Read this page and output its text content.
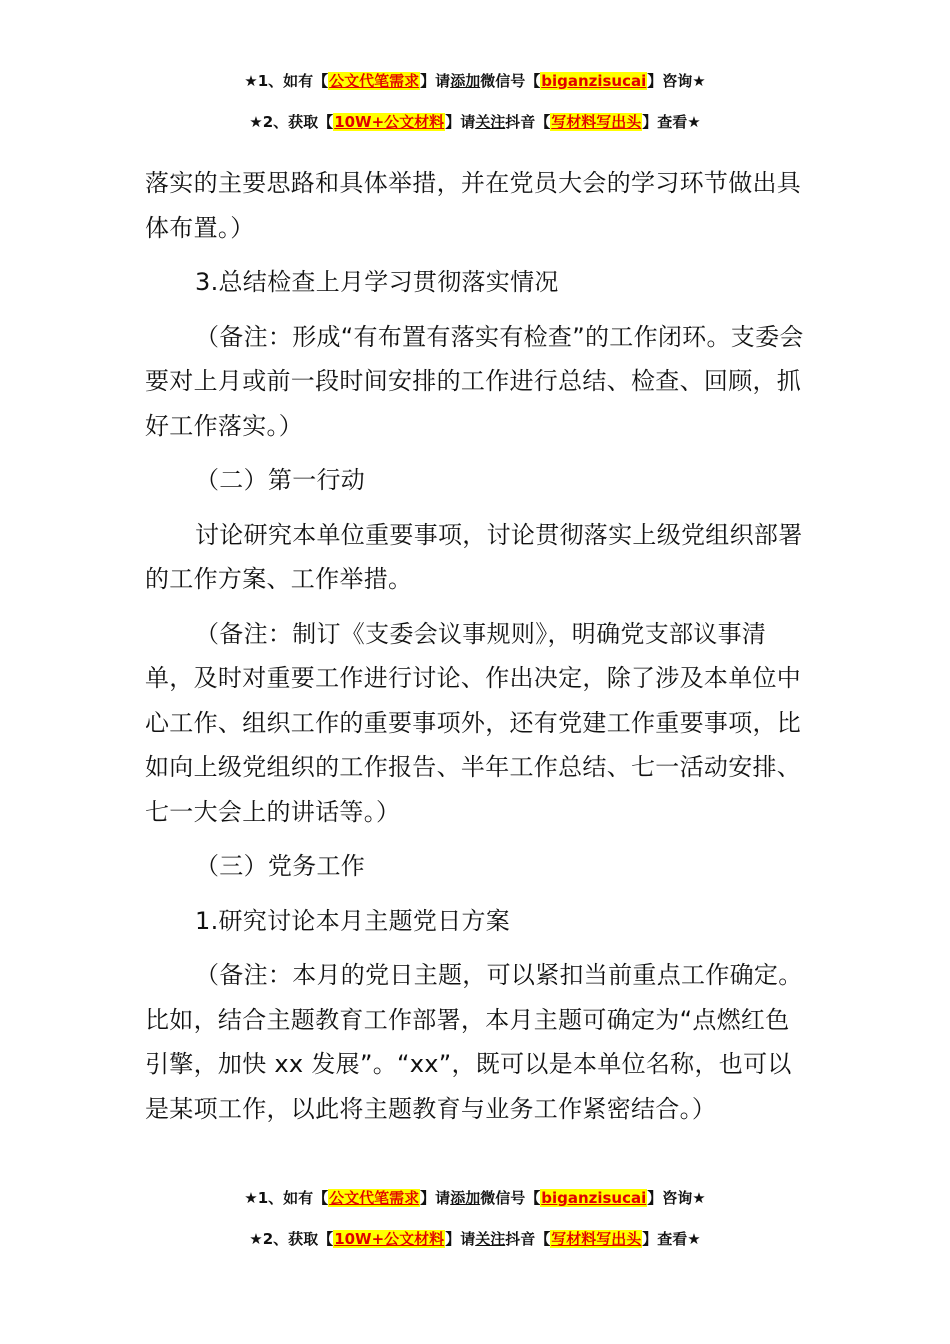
★1、如有【公文代笔需求】请添加微信号【biganzisucai】咨询★
★2、获取【10W+公文材料】请关注抖音【写材料写出头】查看★

落实的主要思路和具体举措，并在党员大会的学习环节做出具体布置。）

3.总结检查上月学习贯彻落实情况

（备注：形成“有布置有落实有检查”的工作闭环。支委会要对上月或前一段时间安排的工作进行总结、检查、回顾，抓好工作落实。）

（二）第一行动

讨论研究本单位重要事项，讨论贯彻落实上级党组织部署的工作方案、工作举措。

（备注：制订《支委会议事规则》，明确党支部议事清单，及时对重要工作进行讨论、作出决定，除了涉及本单位中心工作、组织工作的重要事项外，还有党建工作重要事项，比如向上级党组织的工作报告、半年工作总结、七一活动安排、七一大会上的讲话等。）

（三）党务工作

1.研究讨论本月主题党日方案

（备注：本月的党日主题，可以紧扣当前重点工作确定。比如，结合主题教育工作部署，本月主题可确定为“点燃红色引擎，加快 xx 发展”。“xx”，既可以是本单位名称，也可以是某项工作，以此将主题教育与业务工作紧密结合。）

★1、如有【公文代笔需求】请添加微信号【biganzisucai】咨询★
★2、获取【10W+公文材料】请关注抖音【写材料写出头】查看★
